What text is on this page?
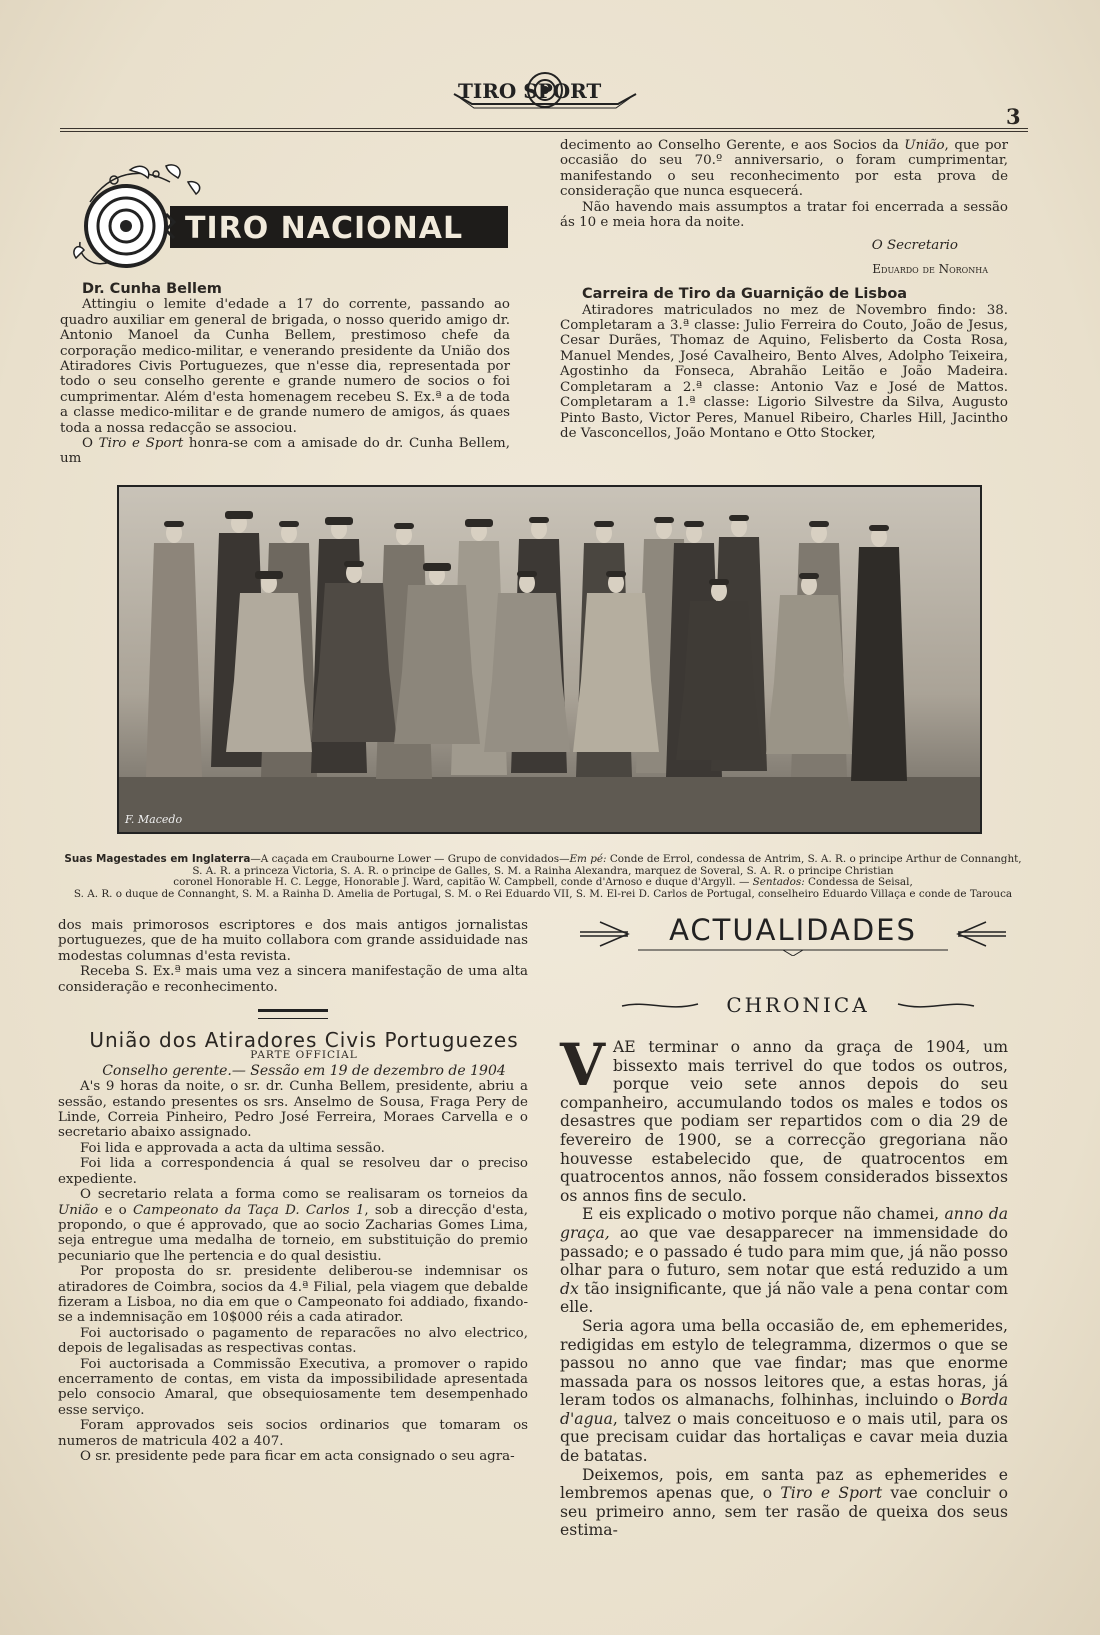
TIRO SPORT
3
TIRO NACIONAL

Dr. Cunha Bellem

Attingiu o lemite d'edade a 17 do corrente, passando ao quadro auxiliar em general de brigada, o nosso querido amigo dr. Antonio Manoel da Cunha Bellem, prestimoso chefe da corporação medico-militar, e venerando presidente da União dos Atiradores Civis Portuguezes, que n'esse dia, representada por todo o seu conselho gerente e grande numero de socios o foi cumprimentar. Além d'esta homenagem recebeu S. Ex.ª a de toda a classe medico-militar e de grande numero de amigos, ás quaes toda a nossa redacção se associou.

O Tiro e Sport honra-se com a amisade do dr. Cunha Bellem, um

decimento ao Conselho Gerente, e aos Socios da União, que por occasião do seu 70.º anniversario, o foram cumprimentar, manifestando o seu reconhecimento por esta prova de consideração que nunca esquecerá.

Não havendo mais assumptos a tratar foi encerrada a sessão ás 10 e meia hora da noite.

O Secretario

Eduardo de Noronha

Carreira de Tiro da Guarnição de Lisboa

Atiradores matriculados no mez de Novembro findo: 38. Completaram a 3.ª classe: Julio Ferreira do Couto, João de Jesus, Cesar Durães, Thomaz de Aquino, Felisberto da Costa Rosa, Manuel Mendes, José Cavalheiro, Bento Alves, Adolpho Teixeira, Agostinho da Fonseca, Abrahão Leitão e João Madeira. Completaram a 2.ª classe: Antonio Vaz e José de Mattos. Completaram a 1.ª classe: Ligorio Silvestre da Silva, Augusto Pinto Basto, Victor Peres, Manuel Ribeiro, Charles Hill, Jacintho de Vasconcellos, João Montano e Otto Stocker,

F. Macedo
Suas Magestades em Inglaterra—A caçada em Craubourne Lower — Grupo de convidados—Em pé: Conde de Errol, condessa de Antrim, S. A. R. o principe Arthur de Connanght,
S. A. R. a princeza Victoria, S. A. R. o principe de Galles, S. M. a Rainha Alexandra, marquez de Soveral, S. A. R. o principe Christian
coronel Honorable H. C. Legge, Honorable J. Ward, capitão W. Campbell, conde d'Arnoso e duque d'Argyll. — Sentados: Condessa de Seisal,
S. A. R. o duque de Connanght, S. M. a Rainha D. Amelia de Portugal, S. M. o Rei Eduardo VII, S. M. El-rei D. Carlos de Portugal, conselheiro Eduardo Villaça e conde de Tarouca

dos mais primorosos escriptores e dos mais antigos jornalistas portuguezes, que de ha muito collabora com grande assiduidade nas modestas columnas d'esta revista.

Receba S. Ex.ª mais uma vez a sincera manifestação de uma alta consideração e reconhecimento.

União dos Atiradores Civis Portuguezes

PARTE OFFICIAL

Conselho gerente.— Sessão em 19 de dezembro de 1904

A's 9 horas da noite, o sr. dr. Cunha Bellem, presidente, abriu a sessão, estando presentes os srs. Anselmo de Sousa, Fraga Pery de Linde, Correia Pinheiro, Pedro José Ferreira, Moraes Carvella e o secretario abaixo assignado.

Foi lida e approvada a acta da ultima sessão.

Foi lida a correspondencia á qual se resolveu dar o preciso expediente.

O secretario relata a forma como se realisaram os torneios da União e o Campeonato da Taça D. Carlos 1, sob a direcção d'esta, propondo, o que é approvado, que ao socio Zacharias Gomes Lima, seja entregue uma medalha de torneio, em substituição do premio pecuniario que lhe pertencia e do qual desistiu.

Por proposta do sr. presidente deliberou-se indemnisar os atiradores de Coimbra, socios da 4.ª Filial, pela viagem que debalde fizeram a Lisboa, no dia em que o Campeonato foi addiado, fixando-se a indemnisação em 10$000 réis a cada atirador.

Foi auctorisado o pagamento de reparacões no alvo electrico, depois de legalisadas as respectivas contas.

Foi auctorisada a Commissão Executiva, a promover o rapido encerramento de contas, em vista da impossibilidade apresentada pelo consocio Amaral, que obsequiosamente tem desempenhado esse serviço.

Foram approvados seis socios ordinarios que tomaram os numeros de matricula 402 a 407.

O sr. presidente pede para ficar em acta consignado o seu agra-

ACTUALIDADES
CHRONICA

VAE terminar o anno da graça de 1904, um bissexto mais terrivel do que todos os outros, porque veio sete annos depois do seu companheiro, accumulando todos os males e todos os desastres que podiam ser repartidos com o dia 29 de fevereiro de 1900, se a correcção gregoriana não houvesse estabelecido que, de quatrocentos em quatrocentos annos, não fossem considerados bissextos os annos fins de seculo.

E eis explicado o motivo porque não chamei, anno da graça, ao que vae desapparecer na immensidade do passado; e o passado é tudo para mim que, já não posso olhar para o futuro, sem notar que está reduzido a um dx tão insignificante, que já não vale a pena contar com elle.

Seria agora uma bella occasião de, em ephemerides, redigidas em estylo de telegramma, dizermos o que se passou no anno que vae findar; mas que enorme massada para os nossos leitores que, a estas horas, já leram todos os almanachs, folhinhas, incluindo o Borda d'agua, talvez o mais conceituoso e o mais util, para os que precisam cuidar das hortaliças e cavar meia duzia de batatas.

Deixemos, pois, em santa paz as ephemerides e lembremos apenas que, o Tiro e Sport vae concluir o seu primeiro anno, sem ter rasão de queixa dos seus estima-
